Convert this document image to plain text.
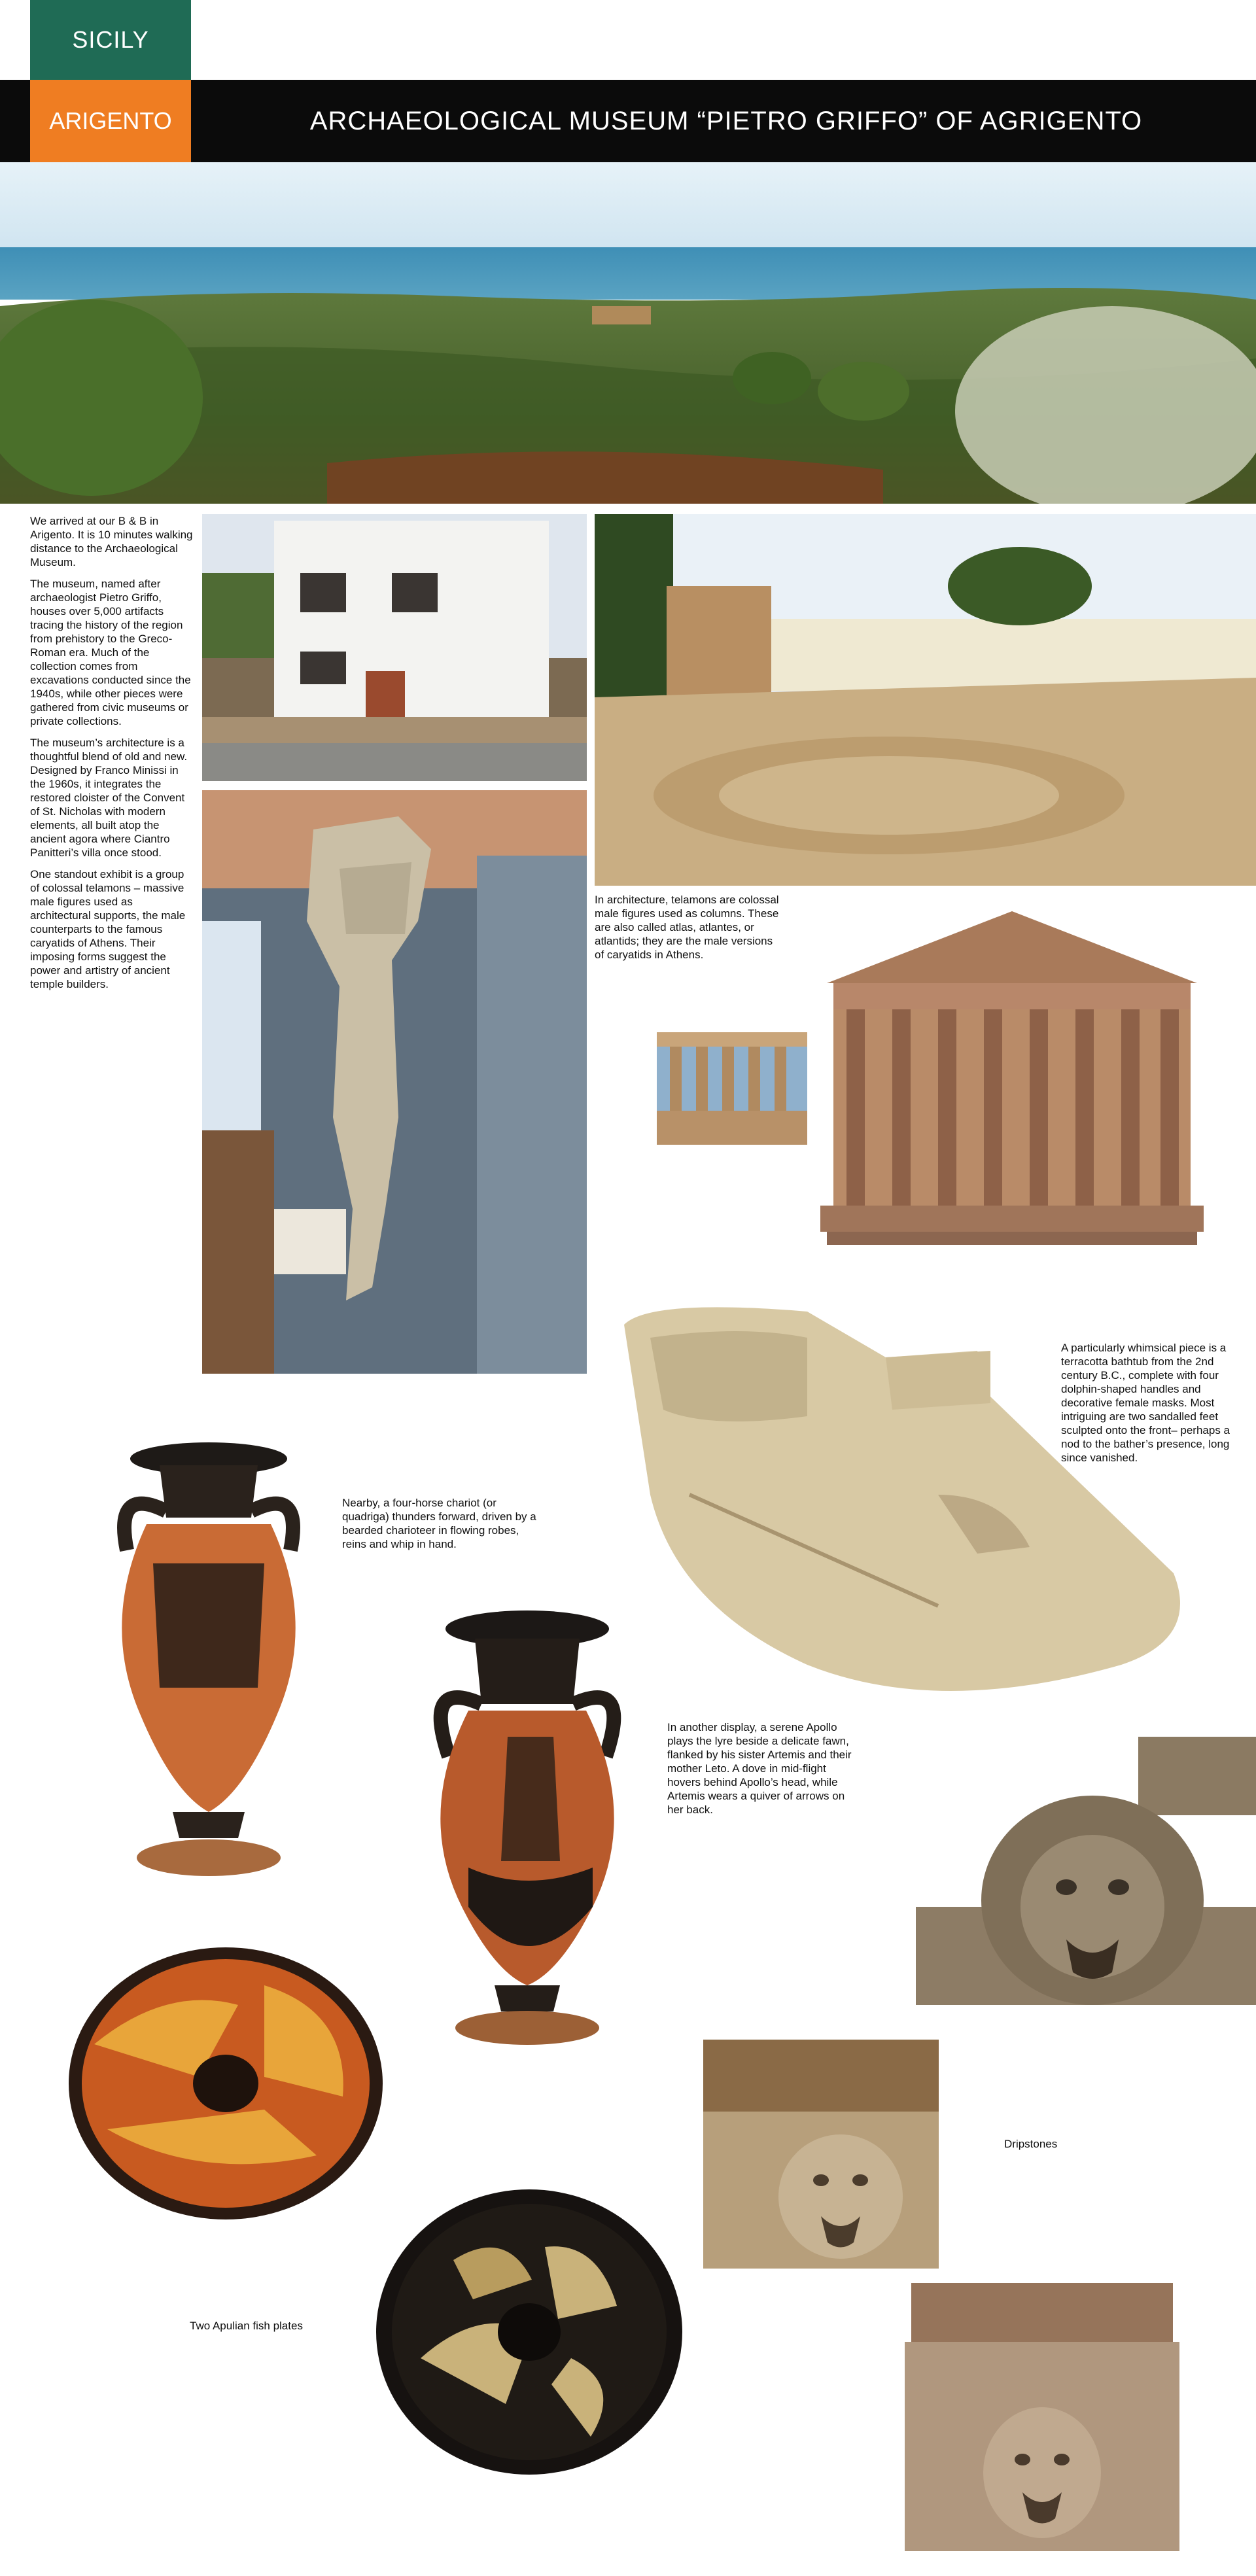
SICILY
ARIGENTO	ARCHAEOLOGICAL MUSEUM “PIETRO GRIFFO” OF AGRIGENTO

We arrived at our B & B in Arigento. It is 10 minutes walking distance to the Archaeological Museum.

The museum, named after archaeologist Pietro Griffo, houses over 5,000 artifacts tracing the history of the region from prehistory to the Greco-Roman era. Much of the collection comes from excavations conducted since the 1940s, while other pieces were gathered from civic museums or private collections.

The museum’s architecture is a thoughtful blend of old and new. Designed by Franco Minissi in the 1960s, it integrates the restored cloister of the Convent of St. Nicholas with modern elements, all built atop the ancient agora where Ciantro Panitteri’s villa once stood.

One standout exhibit is a group of colossal telamons – massive male figures used as architectural supports, the male counterparts to the famous caryatids of Athens. Their imposing forms suggest the power and artistry of ancient temple builders.

In architecture, telamons are colossal male figures used as columns. These are also called atlas, atlantes, or atlantids; they are the male versions of caryatids in Athens.
A particularly whimsical piece is a terracotta bathtub from the 2nd century B.C., complete with four dolphin-shaped handles and decorative female masks. Most intriguing are two sandalled feet sculpted onto the front– perhaps a nod to the bather’s presence, long since vanished.
Nearby, a four-horse chariot (or quadriga) thunders forward, driven by a bearded charioteer in flowing robes, reins and whip in hand.
In another display, a serene Apollo plays the lyre beside a delicate fawn, flanked by his sister Artemis and their mother Leto. A dove in mid-flight hovers behind Apollo’s head, while Artemis wears a quiver of arrows on her back.
Two Apulian fish plates
Dripstones
